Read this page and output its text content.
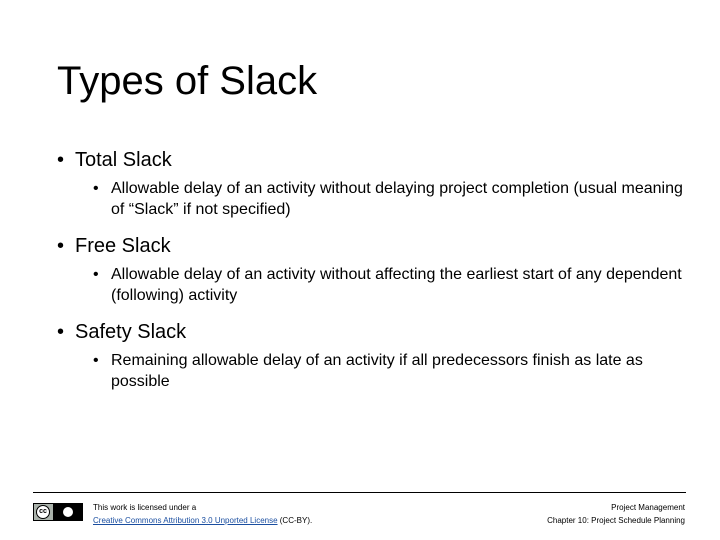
Types of Slack
• Total Slack
• Allowable delay of an activity without delaying project completion (usual meaning of “Slack” if not specified)
• Free Slack
• Allowable delay of an activity without affecting the earliest start of any dependent (following) activity
• Safety Slack
• Remaining allowable delay of an activity if all predecessors finish as late as possible
cc	This work is licensed under a
Creative Commons Attribution 3.0 Unported License (CC-BY).
Project Management
Chapter 10: Project Schedule Planning
